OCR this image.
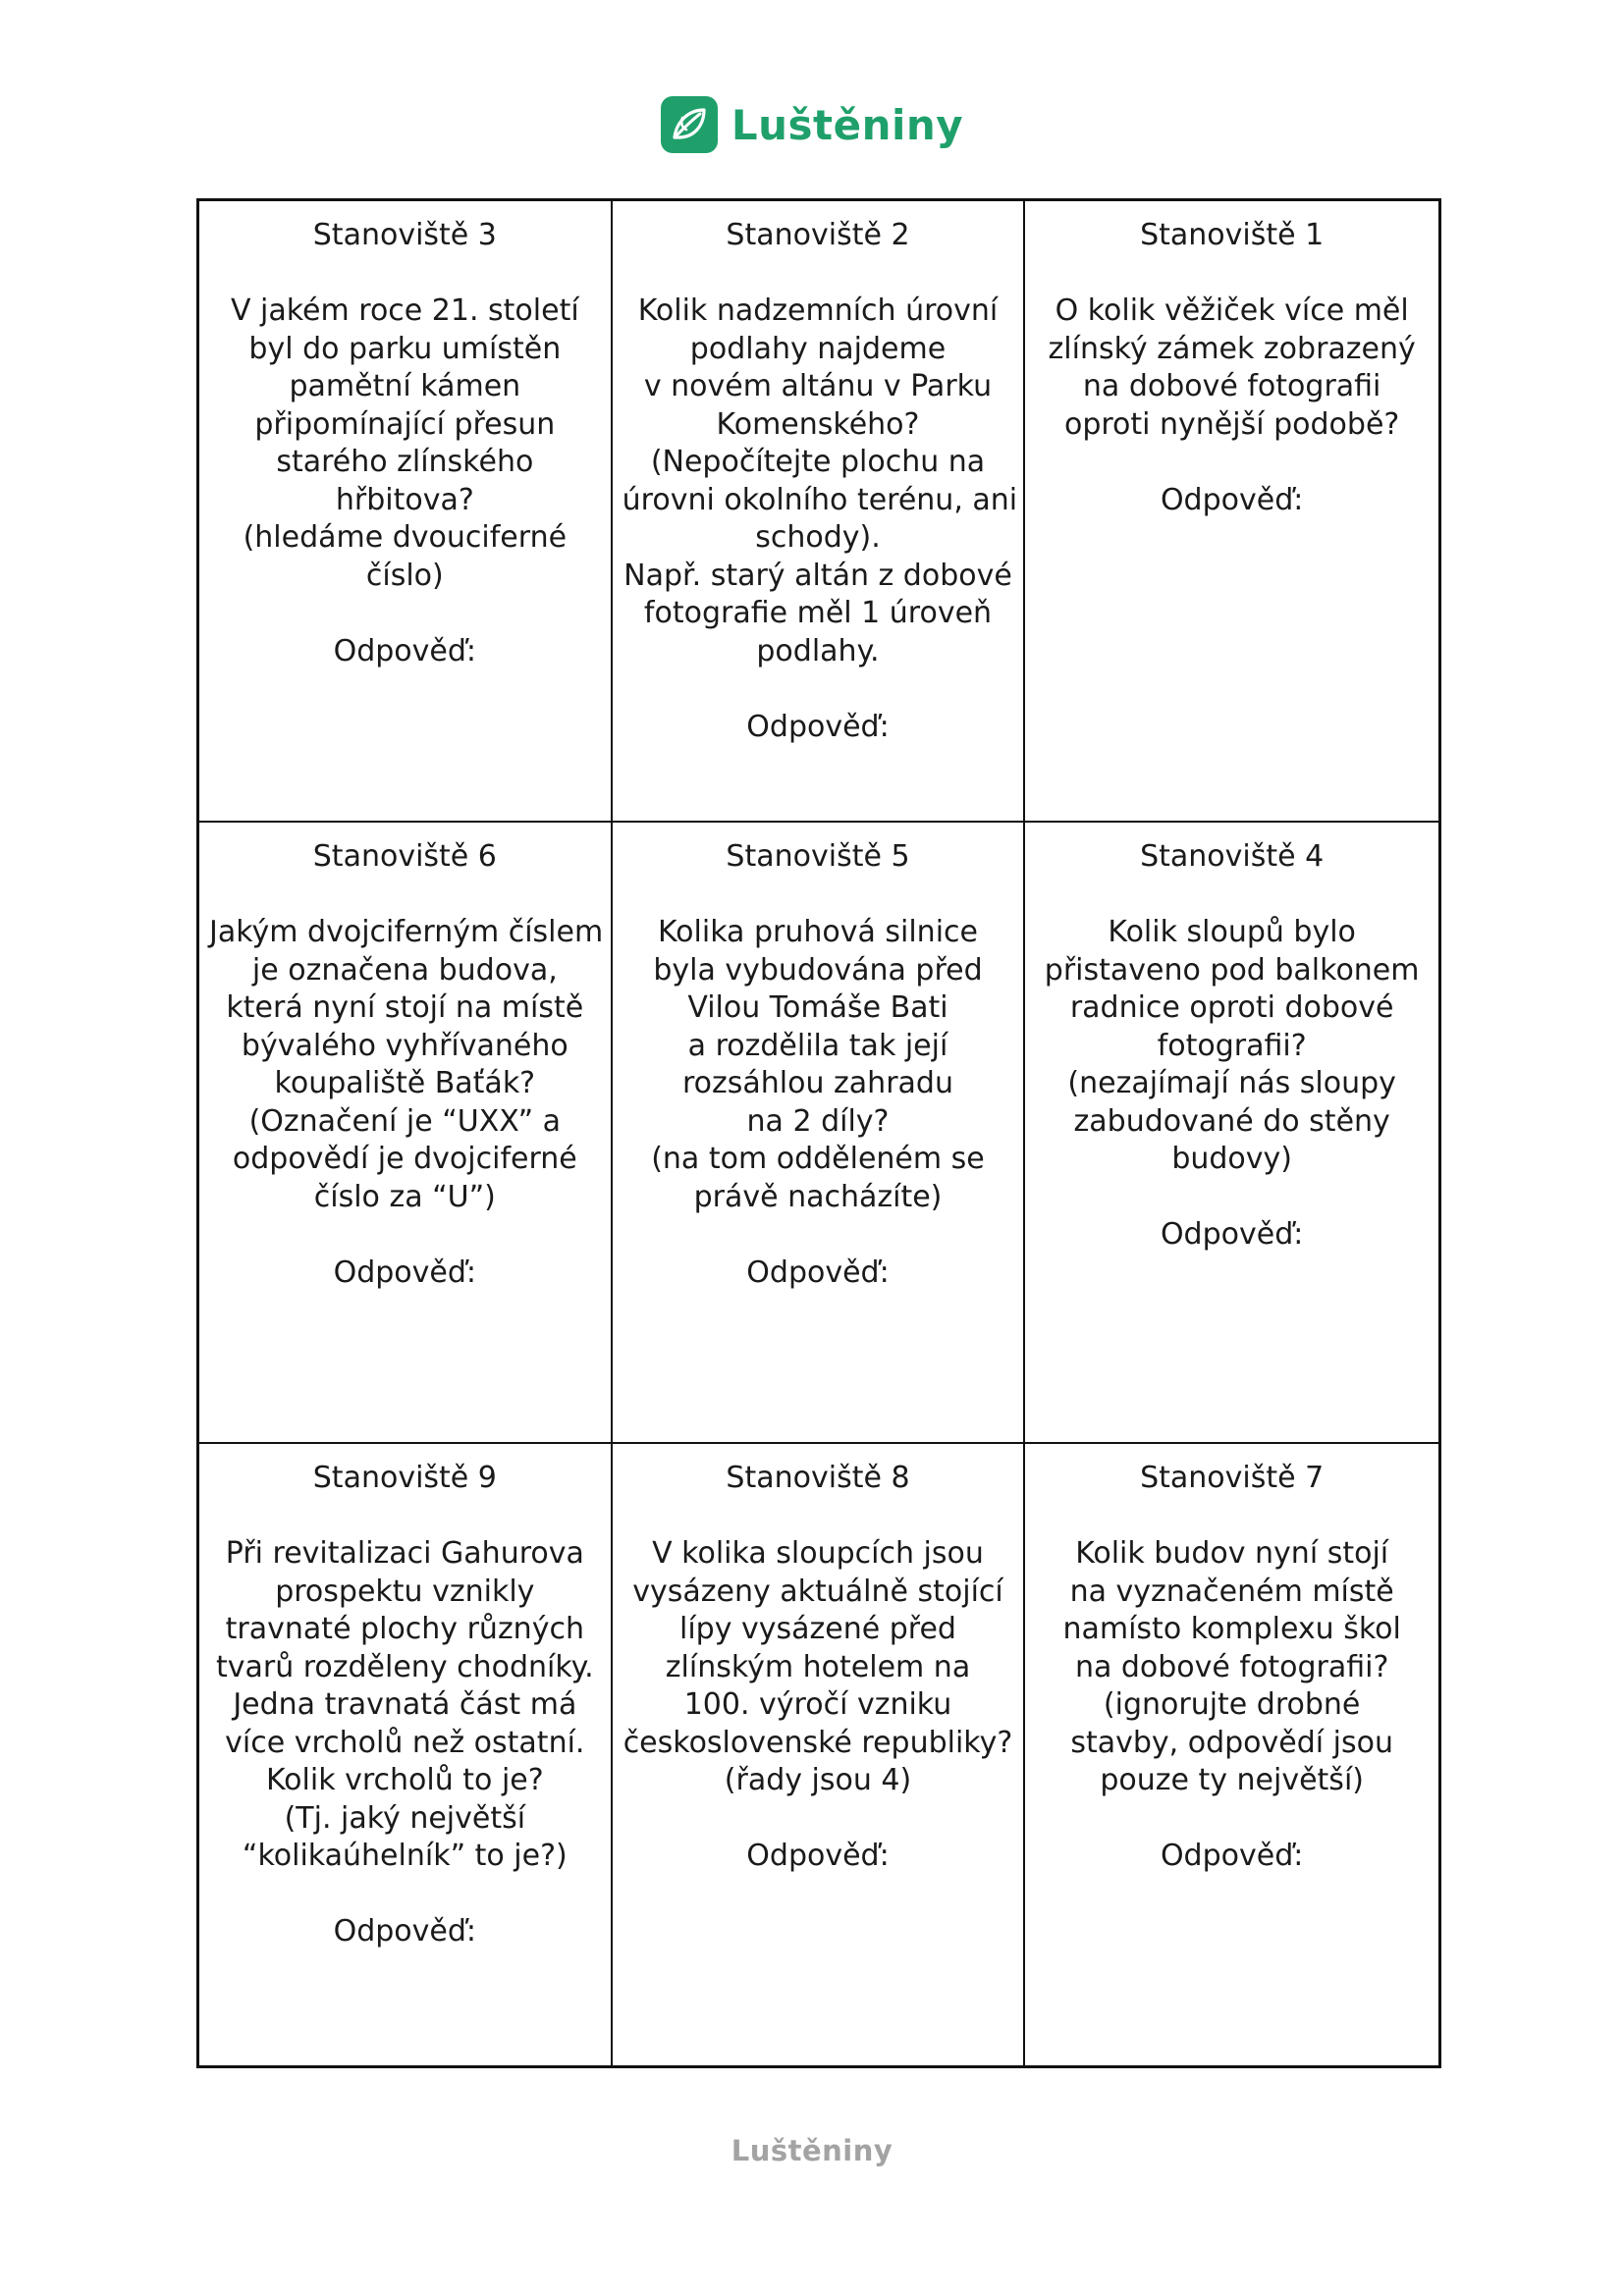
Luštěniny
Stanoviště 3
V jakém roce 21. století
byl do parku umístěn
pamětní kámen
připomínající přesun
starého zlínského
hřbitova?
(hledáme dvouciferné
číslo)
Odpověď:
Stanoviště 2
Kolik nadzemních úrovní
podlahy najdeme
v novém altánu v Parku
Komenského?
(Nepočítejte plochu na
úrovni okolního terénu, ani
schody).
Např. starý altán z dobové
fotografie měl 1 úroveň
podlahy.
Odpověď:
Stanoviště 1
O kolik věžiček více měl
zlínský zámek zobrazený
na dobové fotografii
oproti nynější podobě?
Odpověď:
Stanoviště 6
Jakým dvojciferným číslem
je označena budova,
která nyní stojí na místě
bývalého vyhřívaného
koupaliště Baťák?
(Označení je “UXX” a
odpovědí je dvojciferné
číslo za “U”)
Odpověď:
Stanoviště 5
Kolika pruhová silnice
byla vybudována před
Vilou Tomáše Bati
a rozdělila tak její
rozsáhlou zahradu
na 2 díly?
(na tom odděleném se
právě nacházíte)
Odpověď:
Stanoviště 4
Kolik sloupů bylo
přistaveno pod balkonem
radnice oproti dobové
fotografii?
(nezajímají nás sloupy
zabudované do stěny
budovy)
Odpověď:
Stanoviště 9
Při revitalizaci Gahurova
prospektu vznikly
travnaté plochy různých
tvarů rozděleny chodníky.
Jedna travnatá část má
více vrcholů než ostatní.
Kolik vrcholů to je?
(Tj. jaký největší
“kolikaúhelník” to je?)
Odpověď:
Stanoviště 8
V kolika sloupcích jsou
vysázeny aktuálně stojící
lípy vysázené před
zlínským hotelem na
100. výročí vzniku
československé republiky?
(řady jsou 4)
Odpověď:
Stanoviště 7
Kolik budov nyní stojí
na vyznačeném místě
namísto komplexu škol
na dobové fotografii?
(ignorujte drobné
stavby, odpovědí jsou
pouze ty největší)
Odpověď:
Luštěniny
